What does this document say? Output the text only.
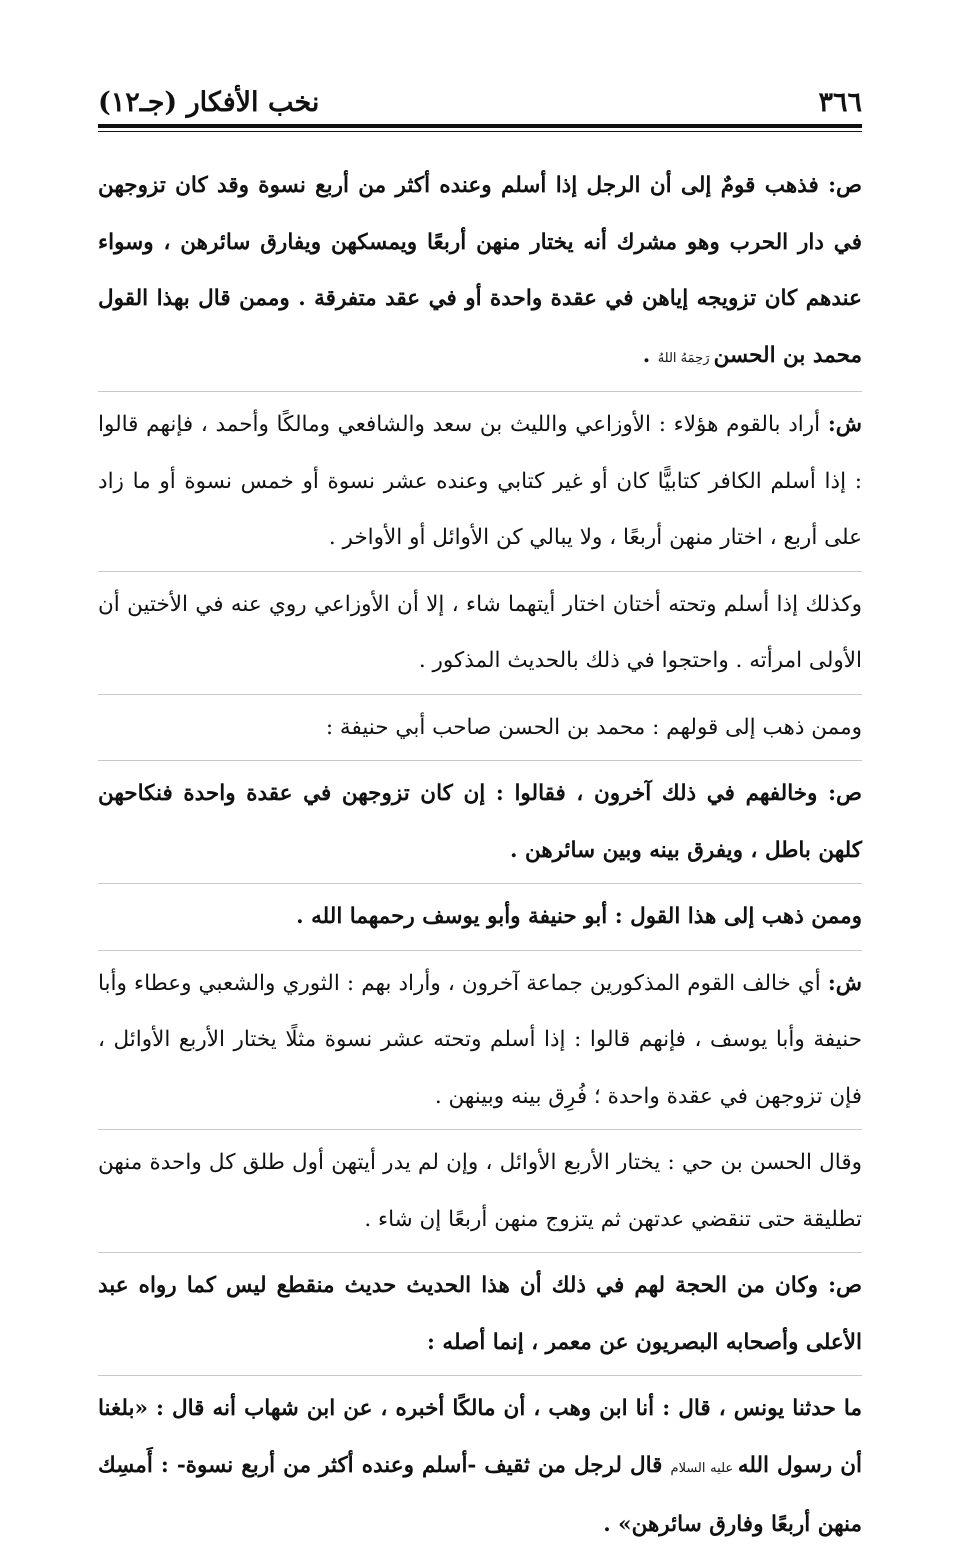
٣٦٦
نخب الأفكار (جـ١٢)

ص: فذهب قومٌ إلى أن الرجل إذا أسلم وعنده أكثر من أربع نسوة وقد كان تزوجهن في دار الحرب وهو مشرك أنه يختار منهن أربعًا ويمسكهن ويفارق سائرهن ، وسواء عندهم كان تزويجه إياهن في عقدة واحدة أو في عقد متفرقة . وممن قال بهذا القول محمد بن الحسن رَحِمَهُ اللهُ .

ش: أراد بالقوم هؤلاء : الأوزاعي والليث بن سعد والشافعي ومالكًا وأحمد ، فإنهم قالوا : إذا أسلم الكافر كتابيًّا كان أو غير كتابي وعنده عشر نسوة أو خمس نسوة أو ما زاد على أربع ، اختار منهن أربعًا ، ولا يبالي كن الأوائل أو الأواخر .

وكذلك إذا أسلم وتحته أختان اختار أيتهما شاء ، إلا أن الأوزاعي روي عنه في الأختين أن الأولى امرأته . واحتجوا في ذلك بالحديث المذكور .

وممن ذهب إلى قولهم : محمد بن الحسن صاحب أبي حنيفة :

ص: وخالفهم في ذلك آخرون ، فقالوا : إن كان تزوجهن في عقدة واحدة فنكاحهن كلهن باطل ، ويفرق بينه وبين سائرهن .

وممن ذهب إلى هذا القول : أبو حنيفة وأبو يوسف رحمهما الله .

ش: أي خالف القوم المذكورين جماعة آخرون ، وأراد بهم : الثوري والشعبي وعطاء وأبا حنيفة وأبا يوسف ، فإنهم قالوا : إذا أسلم وتحته عشر نسوة مثلًا يختار الأربع الأوائل ، فإن تزوجهن في عقدة واحدة ؛ فُرِق بينه وبينهن .

وقال الحسن بن حي : يختار الأربع الأوائل ، وإن لم يدر أيتهن أول طلق كل واحدة منهن تطليقة حتى تنقضي عدتهن ثم يتزوج منهن أربعًا إن شاء .

ص: وكان من الحجة لهم في ذلك أن هذا الحديث حديث منقطع ليس كما رواه عبد الأعلى وأصحابه البصريون عن معمر ، إنما أصله :

ما حدثنا يونس ، قال : أنا ابن وهب ، أن مالكًا أخبره ، عن ابن شهاب أنه قال : «بلغنا أن رسول الله عليه السلام قال لرجل من ثقيف -أسلم وعنده أكثر من أربع نسوة- : أَمسِك منهن أربعًا وفارق سائرهن» .
